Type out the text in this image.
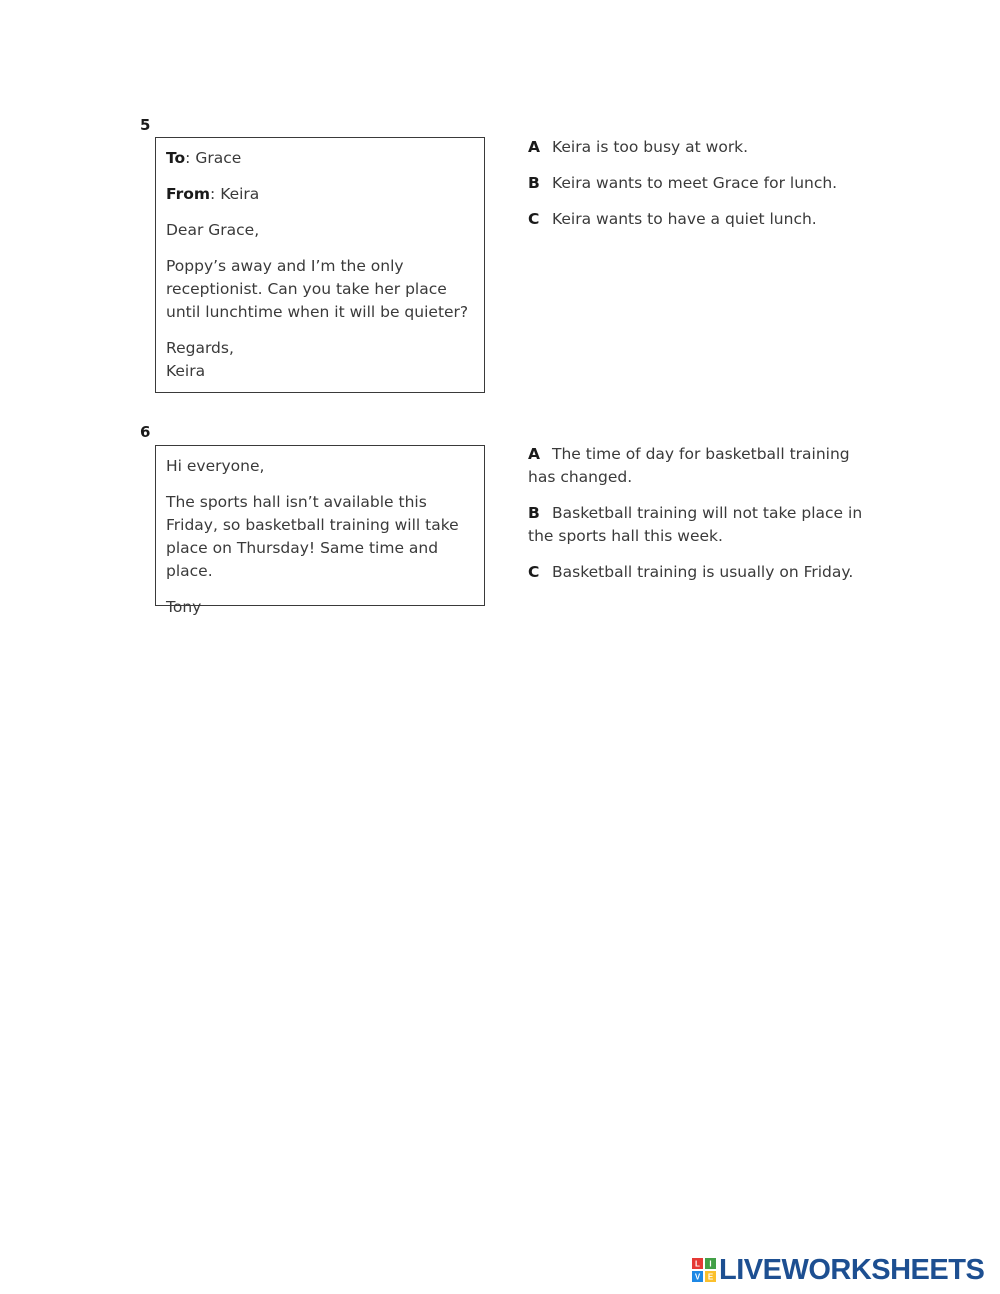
5

To: Grace

From: Keira

Dear Grace,

Poppy’s away and I’m the only receptionist. Can you take her place until lunchtime when it will be quieter?

Regards,
Keira

A Keira is too busy at work.
B Keira wants to meet Grace for lunch.
C Keira wants to have a quiet lunch.
6

Hi everyone,

The sports hall isn’t available this Friday, so basketball training will take place on Thursday! Same time and place.

Tony

A The time of day for basketball training has changed.
B Basketball training will not take place in the sports hall this week.
C Basketball training is usually on Friday.
L I
V E LIVEWORKSHEETS
